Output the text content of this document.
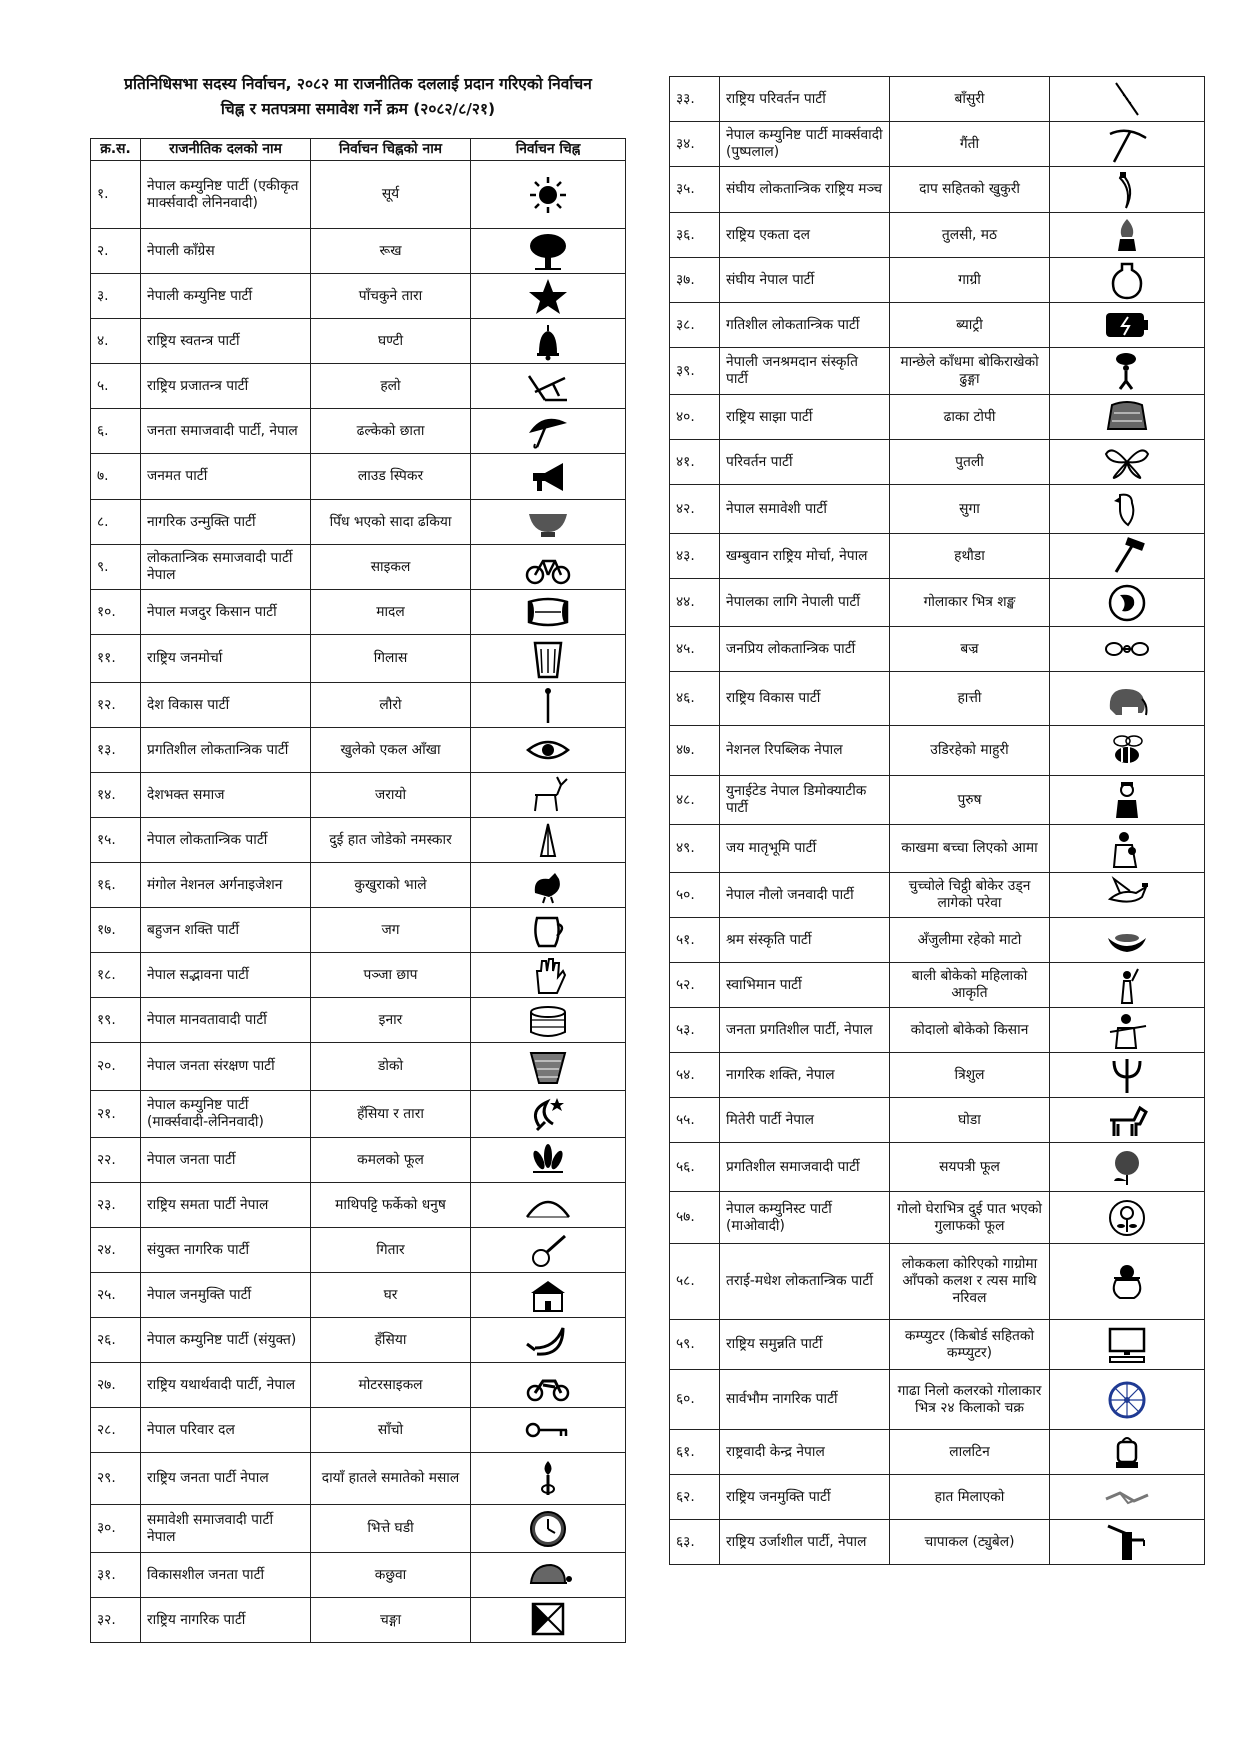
प्रतिनिधिसभा सदस्य निर्वाचन, २०८२ मा राजनीतिक दललाई प्रदान गरिएको निर्वाचन
चिह्न र मतपत्रमा समावेश गर्ने क्रम (२०८२/८/२१)
क्र.स.	राजनीतिक दलको नाम	निर्वाचन चिह्नको नाम	निर्वाचन चिह्न
१.	नेपाल कम्युनिष्ट पार्टी (एकीकृत मार्क्सवादी लेनिनवादी)	सूर्य	

२.	नेपाली काँग्रेस	रूख	

३.	नेपाली कम्युनिष्ट पार्टी	पाँचकुने तारा	

४.	राष्ट्रिय स्वतन्त्र पार्टी	घण्टी	

५.	राष्ट्रिय प्रजातन्त्र पार्टी	हलो	

६.	जनता समाजवादी पार्टी, नेपाल	ढल्केको छाता	

७.	जनमत पार्टी	लाउड स्पिकर	

८.	नागरिक उन्मुक्ति पार्टी	पिँध भएको सादा ढकिया	

९.	लोकतान्त्रिक समाजवादी पार्टी नेपाल	साइकल	

१०.	नेपाल मजदुर किसान पार्टी	मादल	

११.	राष्ट्रिय जनमोर्चा	गिलास	

१२.	देश विकास पार्टी	लौरो	

१३.	प्रगतिशील लोकतान्त्रिक पार्टी	खुलेको एकल आँखा	

१४.	देशभक्त समाज	जरायो	

१५.	नेपाल लोकतान्त्रिक पार्टी	दुई हात जोडेको नमस्कार	

१६.	मंगोल नेशनल अर्गनाइजेशन	कुखुराको भाले	

१७.	बहुजन शक्ति पार्टी	जग	

१८.	नेपाल सद्भावना पार्टी	पञ्जा छाप	

१९.	नेपाल मानवतावादी पार्टी	इनार	

२०.	नेपाल जनता संरक्षण पार्टी	डोको	

२१.	नेपाल कम्युनिष्ट पार्टी (मार्क्सवादी-लेनिनवादी)	हँसिया र तारा	

२२.	नेपाल जनता पार्टी	कमलको फूल	

२३.	राष्ट्रिय समता पार्टी नेपाल	माथिपट्टि फर्केको धनुष	

२४.	संयुक्त नागरिक पार्टी	गितार	

२५.	नेपाल जनमुक्ति पार्टी	घर	

२६.	नेपाल कम्युनिष्ट पार्टी (संयुक्त)	हँसिया	

२७.	राष्ट्रिय यथार्थवादी पार्टी, नेपाल	मोटरसाइकल	

२८.	नेपाल परिवार दल	साँचो	

२९.	राष्ट्रिय जनता पार्टी नेपाल	दायाँ हातले समातेको मसाल	

३०.	समावेशी समाजवादी पार्टी नेपाल	भित्ते घडी	

३१.	विकासशील जनता पार्टी	कछुवा	

३२.	राष्ट्रिय नागरिक पार्टी	चङ्गा	
३३.	राष्ट्रिय परिवर्तन पार्टी	बाँसुरी	

३४.	नेपाल कम्युनिष्ट पार्टी मार्क्सवादी (पुष्पलाल)	गैंती	

३५.	संघीय लोकतान्त्रिक राष्ट्रिय मञ्च	दाप सहितको खुकुरी	

३६.	राष्ट्रिय एकता दल	तुलसी, मठ	

३७.	संघीय नेपाल पार्टी	गाग्री	

३८.	गतिशील लोकतान्त्रिक पार्टी	ब्याट्री	

३९.	नेपाली जनश्रमदान संस्कृति पार्टी	मान्छेले काँधमा बोकिराखेको ढुङ्गा	

४०.	राष्ट्रिय साझा पार्टी	ढाका टोपी	

४१.	परिवर्तन पार्टी	पुतली	

४२.	नेपाल समावेशी पार्टी	सुगा	

४३.	खम्बुवान राष्ट्रिय मोर्चा, नेपाल	हथौडा	

४४.	नेपालका लागि नेपाली पार्टी	गोलाकार भित्र शङ्ख	

४५.	जनप्रिय लोकतान्त्रिक पार्टी	बज्र	

४६.	राष्ट्रिय विकास पार्टी	हात्ती	

४७.	नेशनल रिपब्लिक नेपाल	उडिरहेको माहुरी	

४८.	युनाईटेड नेपाल डिमोक्याटीक पार्टी	पुरुष	

४९.	जय मातृभूमि पार्टी	काखमा बच्चा लिएको आमा	

५०.	नेपाल नौलो जनवादी पार्टी	चुच्चोले चिट्ठी बोकेर उड्न लागेको परेवा	

५१.	श्रम संस्कृति पार्टी	अँजुलीमा रहेको माटो	

५२.	स्वाभिमान पार्टी	बाली बोकेको महिलाको आकृति	

५३.	जनता प्रगतिशील पार्टी, नेपाल	कोदालो बोकेको किसान	

५४.	नागरिक शक्ति, नेपाल	त्रिशुल	

५५.	मितेरी पार्टी नेपाल	घोडा	

५६.	प्रगतिशील समाजवादी पार्टी	सयपत्री फूल	

५७.	नेपाल कम्युनिस्ट पार्टी (माओवादी)	गोलो घेराभित्र दुई पात भएको गुलाफको फूल	

५८.	तराई-मधेश लोकतान्त्रिक पार्टी	लोककला कोरिएको गाग्रोमा आँपको कलश र त्यस माथि नरिवल	

५९.	राष्ट्रिय समुन्नति पार्टी	कम्प्युटर (किबोर्ड सहितको कम्प्युटर)	

६०.	सार्वभौम नागरिक पार्टी	गाढा निलो कलरको गोलाकार भित्र २४ किलाको चक्र	

६१.	राष्ट्रवादी केन्द्र नेपाल	लालटिन	

६२.	राष्ट्रिय जनमुक्ति पार्टी	हात मिलाएको	

६३.	राष्ट्रिय उर्जाशील पार्टी, नेपाल	चापाकल (ट्युबेल)	
